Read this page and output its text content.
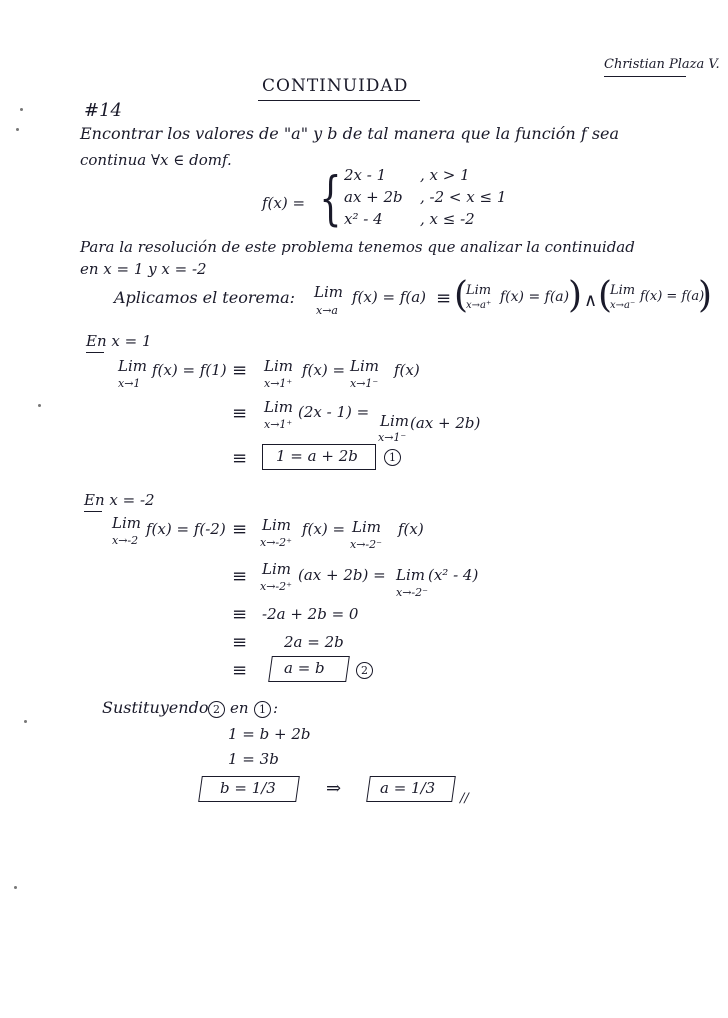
Christian Plaza V.
CONTINUIDAD
#14
Encontrar los valores de "a" y b de tal manera que la función f sea
continua ∀x ∈ domf.
f(x) = { 2x - 1 , x > 1
ax + 2b , -2 < x ≤ 1
x² - 4 , x ≤ -2
Para la resolución de este problema tenemos que analizar la continuidad
en x = 1 y x = -2
Aplicamos el teorema: Lim
x→a
f(x) = f(a) ≡ (
Lim
x→a⁺
f(x) = f(a)
) ∧ (
Lim
x→a⁻
f(x) = f(a)
)
En x = 1
Lim
x→1
f(x) = f(1) ≡ Lim
x→1⁺
f(x) = Lim
x→1⁻
f(x)
≡ Lim
x→1⁺
(2x - 1) = Lim
x→1⁻
(ax + 2b)
≡ 1 = a + 2b	1
En x = -2
Lim
x→-2
f(x) = f(-2) ≡ Lim
x→-2⁺
f(x) = Lim
x→-2⁻
f(x)
≡ Lim
x→-2⁺
(ax + 2b) = Lim
x→-2⁻
(x² - 4)
≡ -2a + 2b = 0
≡ 2a = 2b
≡ a = b	2
Sustituyendo 2 en 1 :
1 = b + 2b
1 = 3b
b = 1/3	⇒	a = 1/3
//
